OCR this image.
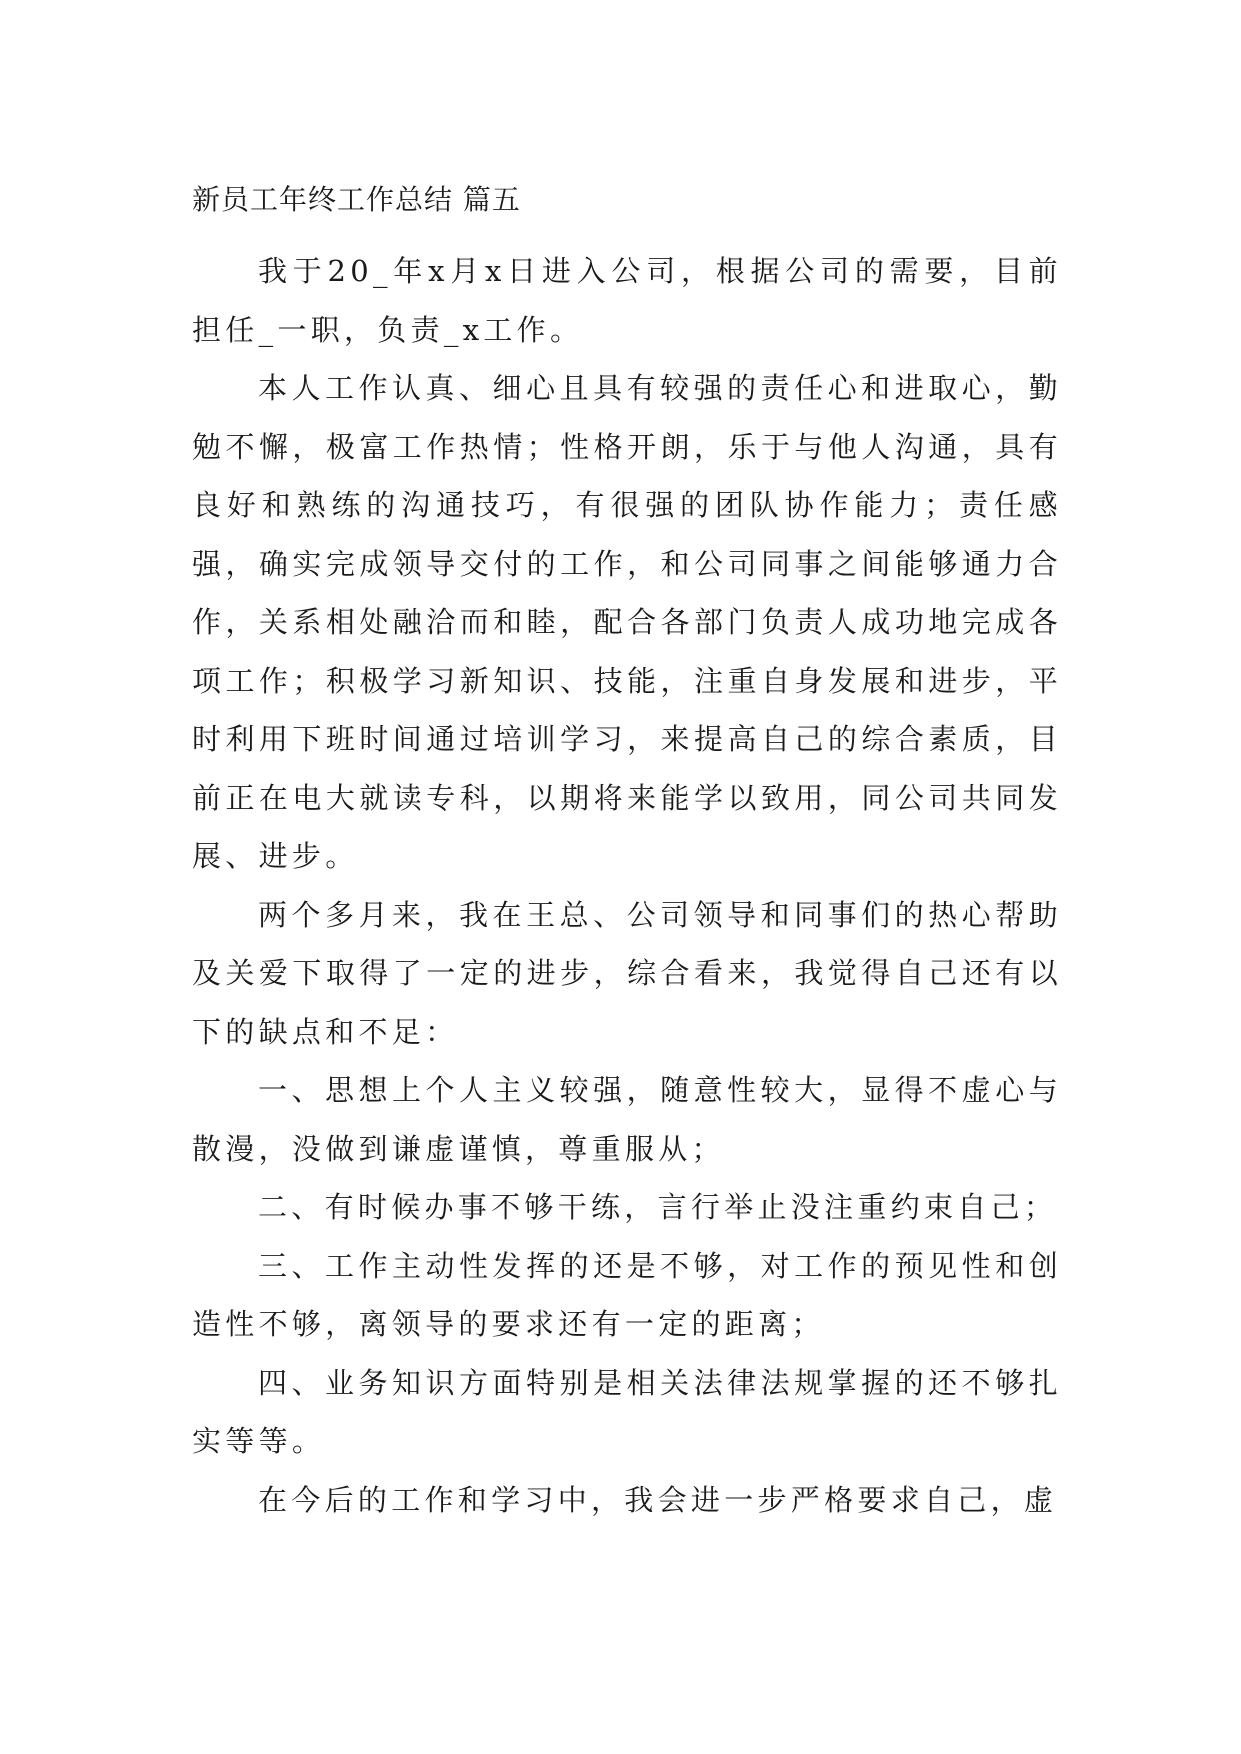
新员工年终工作总结 篇五

我于20_年x月x日进入公司，根据公司的需要，目前担任_一职，负责_x工作。

本人工作认真、细心且具有较强的责任心和进取心，勤勉不懈，极富工作热情；性格开朗，乐于与他人沟通，具有良好和熟练的沟通技巧，有很强的团队协作能力；责任感强，确实完成领导交付的工作，和公司同事之间能够通力合作，关系相处融洽而和睦，配合各部门负责人成功地完成各项工作；积极学习新知识、技能，注重自身发展和进步，平时利用下班时间通过培训学习，来提高自己的综合素质，目前正在电大就读专科，以期将来能学以致用，同公司共同发展、进步。

两个多月来，我在王总、公司领导和同事们的热心帮助及关爱下取得了一定的进步，综合看来，我觉得自己还有以下的缺点和不足：

一、思想上个人主义较强，随意性较大，显得不虚心与散漫，没做到谦虚谨慎，尊重服从；

二、有时候办事不够干练，言行举止没注重约束自己；

三、工作主动性发挥的还是不够，对工作的预见性和创造性不够，离领导的要求还有一定的距离；

四、业务知识方面特别是相关法律法规掌握的还不够扎实等等。

在今后的工作和学习中，我会进一步严格要求自己，虚
